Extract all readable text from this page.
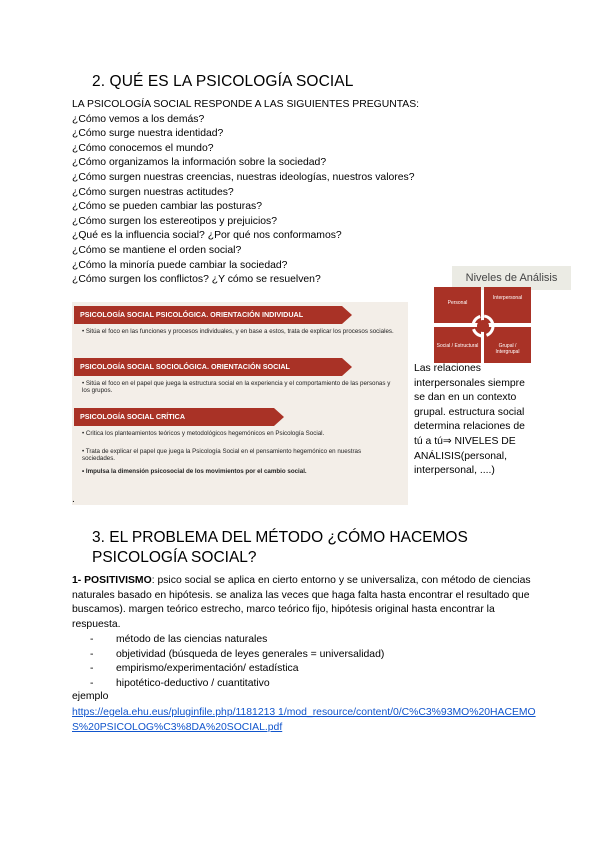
2. QUÉ ES LA PSICOLOGÍA SOCIAL
LA PSICOLOGÍA SOCIAL RESPONDE A LAS SIGUIENTES PREGUNTAS:
¿Cómo vemos a los demás?
¿Cómo surge nuestra identidad?
¿Cómo conocemos el mundo?
¿Cómo organizamos la información sobre la sociedad?
¿Cómo surgen nuestras creencias, nuestras ideologías, nuestros valores?
¿Cómo surgen nuestras actitudes?
¿Cómo se pueden cambiar las posturas?
¿Cómo surgen los estereotipos y prejuicios?
¿Qué es la influencia social? ¿Por qué nos conformamos?
¿Cómo se mantiene el orden social?
¿Cómo la minoría puede cambiar la sociedad?
¿Cómo surgen los conflictos? ¿Y cómo se resuelven?
PSICOLOGÍA SOCIAL PSICOLÓGICA. ORIENTACIÓN INDIVIDUAL
• Sitúa el foco en las funciones y procesos individuales, y en base a estos, trata de explicar los procesos sociales.
PSICOLOGÍA SOCIAL SOCIOLÓGICA. ORIENTACIÓN SOCIAL
• Sitúa el foco en el papel que juega la estructura social en la experiencia y el comportamiento de las personas y los grupos.
PSICOLOGÍA SOCIAL CRÍTICA
• Critica los planteamientos teóricos y metodológicos hegemónicos en Psicología Social.
• Trata de explicar el papel que juega la Psicología Social en el pensamiento hegemónico en nuestras sociedades.
• Impulsa la dimensión psicosocial de los movimientos por el cambio social.
.
Niveles de Análisis
Personal
Interpersonal
Social / Estructural	Grupal / Intergrupal
Las relaciones interpersonales siempre se dan en un contexto grupal. estructura social determina relaciones de tú a tú⇒ NIVELES DE ANÁLISIS(personal, interpersonal, ....)
3. EL PROBLEMA DEL MÉTODO ¿CÓMO HACEMOS PSICOLOGÍA SOCIAL?
1- POSITIVISMO: psico social se aplica en cierto entorno y se universaliza, con método de ciencias naturales basado en hipótesis. se analiza las veces que haga falta hasta encontrar el resultado que buscamos). margen teórico estrecho, marco teórico fijo, hipótesis original hasta encontrar la respuesta.
- método de las ciencias naturales
- objetividad (búsqueda de leyes generales = universalidad)
- empirismo/experimentación/ estadística
- hipotético-deductivo / cuantitativo
ejemplo
https://egela.ehu.eus/pluginfile.php/1181213 1/mod_resource/content/0/C%C3%93MO%20HACEMOS%20PSICOLOG%C3%8DA%20SOCIAL.pdf
